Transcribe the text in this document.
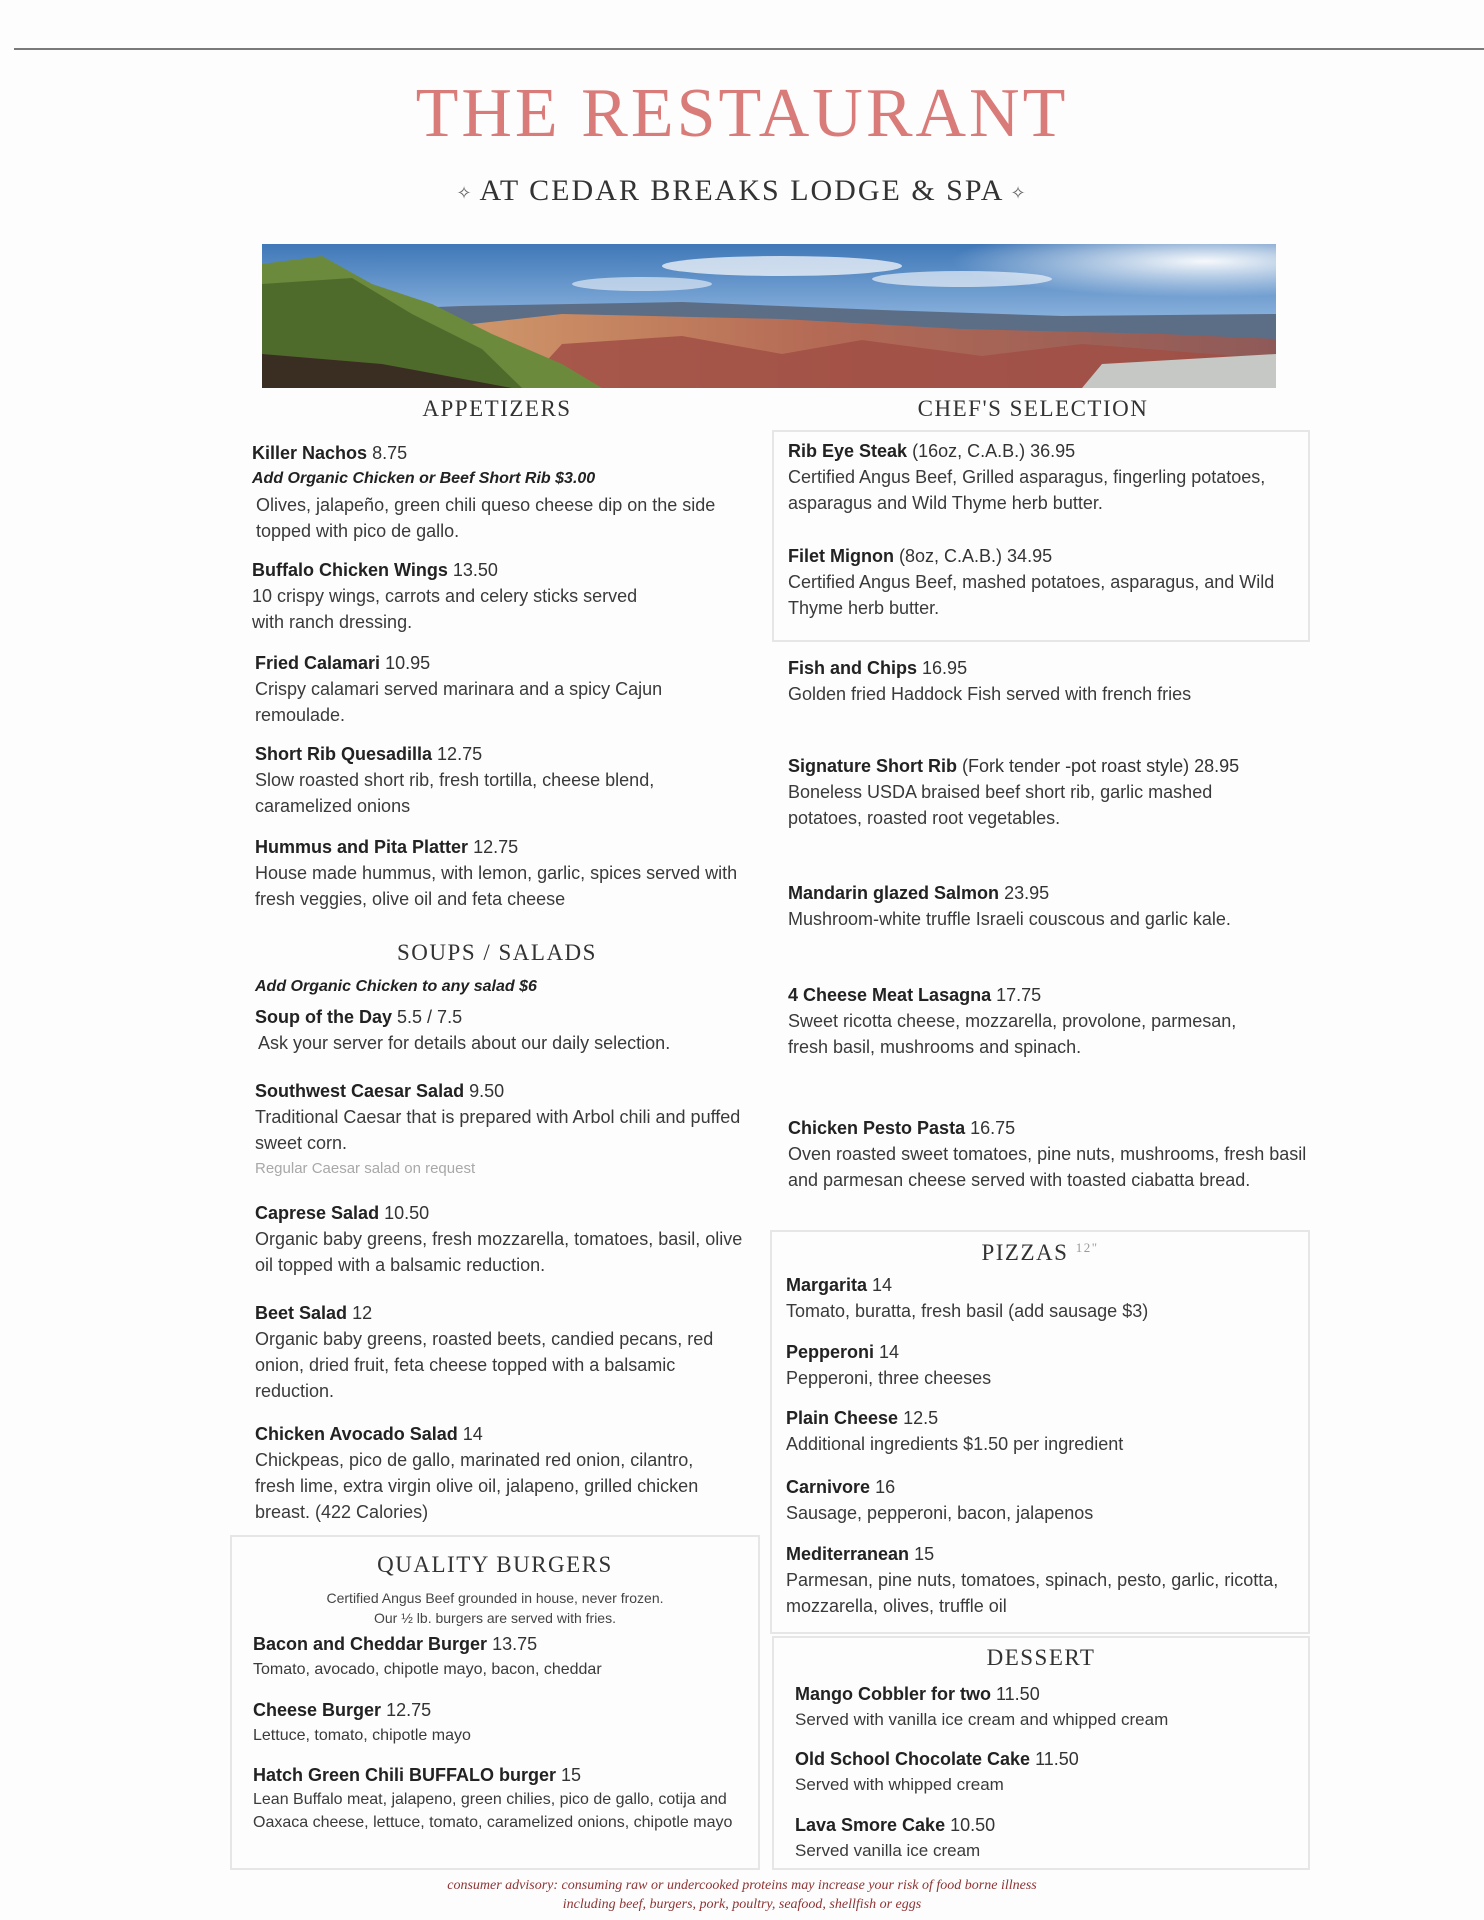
THE RESTAURANT
✧ AT CEDAR BREAKS LODGE & SPA ✧
APPETIZERS
Killer Nachos 8.75
Add Organic Chicken or Beef Short Rib $3.00
Olives, jalapeño, green chili queso cheese dip on the side topped with pico de gallo.
Buffalo Chicken Wings 13.50
10 crispy wings, carrots and celery sticks served with ranch dressing.
Fried Calamari 10.95
Crispy calamari served marinara and a spicy Cajun remoulade.
Short Rib Quesadilla 12.75
Slow roasted short rib, fresh tortilla, cheese blend, caramelized onions
Hummus and Pita Platter 12.75
House made hummus, with lemon, garlic, spices served with fresh veggies, olive oil and feta cheese
SOUPS / SALADS
Add Organic Chicken to any salad $6
Soup of the Day 5.5 / 7.5
Ask your server for details about our daily selection.
Southwest Caesar Salad 9.50
Traditional Caesar that is prepared with Arbol chili and puffed sweet corn.
Regular Caesar salad on request
Caprese Salad 10.50
Organic baby greens, fresh mozzarella, tomatoes, basil, olive oil topped with a balsamic reduction.
Beet Salad 12
Organic baby greens, roasted beets, candied pecans, red onion, dried fruit, feta cheese topped with a balsamic reduction.
Chicken Avocado Salad 14
Chickpeas, pico de gallo, marinated red onion, cilantro, fresh lime, extra virgin olive oil, jalapeno, grilled chicken breast. (422 Calories)
QUALITY BURGERS
Certified Angus Beef grounded in house, never frozen.
Our ½ lb. burgers are served with fries.
Bacon and Cheddar Burger 13.75
Tomato, avocado, chipotle mayo, bacon, cheddar
Cheese Burger 12.75
Lettuce, tomato, chipotle mayo
Hatch Green Chili BUFFALO burger 15
Lean Buffalo meat, jalapeno, green chilies, pico de gallo, cotija and Oaxaca cheese, lettuce, tomato, caramelized onions, chipotle mayo
CHEF'S SELECTION
Rib Eye Steak (16oz, C.A.B.) 36.95
Certified Angus Beef, Grilled asparagus, fingerling potatoes, asparagus and Wild Thyme herb butter.
Filet Mignon (8oz, C.A.B.) 34.95
Certified Angus Beef, mashed potatoes, asparagus, and Wild Thyme herb butter.
Fish and Chips 16.95
Golden fried Haddock Fish served with french fries
Signature Short Rib (Fork tender -pot roast style) 28.95
Boneless USDA braised beef short rib, garlic mashed potatoes, roasted root vegetables.
Mandarin glazed Salmon 23.95
Mushroom-white truffle Israeli couscous and garlic kale.
4 Cheese Meat Lasagna 17.75
Sweet ricotta cheese, mozzarella, provolone, parmesan, fresh basil, mushrooms and spinach.
Chicken Pesto Pasta 16.75
Oven roasted sweet tomatoes, pine nuts, mushrooms, fresh basil and parmesan cheese served with toasted ciabatta bread.
PIZZAS $^{12"}$
Margarita 14
Tomato, buratta, fresh basil (add sausage $3)
Pepperoni 14
Pepperoni, three cheeses
Plain Cheese 12.5
Additional ingredients $1.50 per ingredient
Carnivore 16
Sausage, pepperoni, bacon, jalapenos
Mediterranean 15
Parmesan, pine nuts, tomatoes, spinach, pesto, garlic, ricotta, mozzarella, olives, truffle oil
DESSERT
Mango Cobbler for two 11.50
Served with vanilla ice cream and whipped cream
Old School Chocolate Cake 11.50
Served with whipped cream
Lava Smore Cake 10.50
Served vanilla ice cream
consumer advisory: consuming raw or undercooked proteins may increase your risk of food borne illness
including beef, burgers, pork, poultry, seafood, shellfish or eggs
